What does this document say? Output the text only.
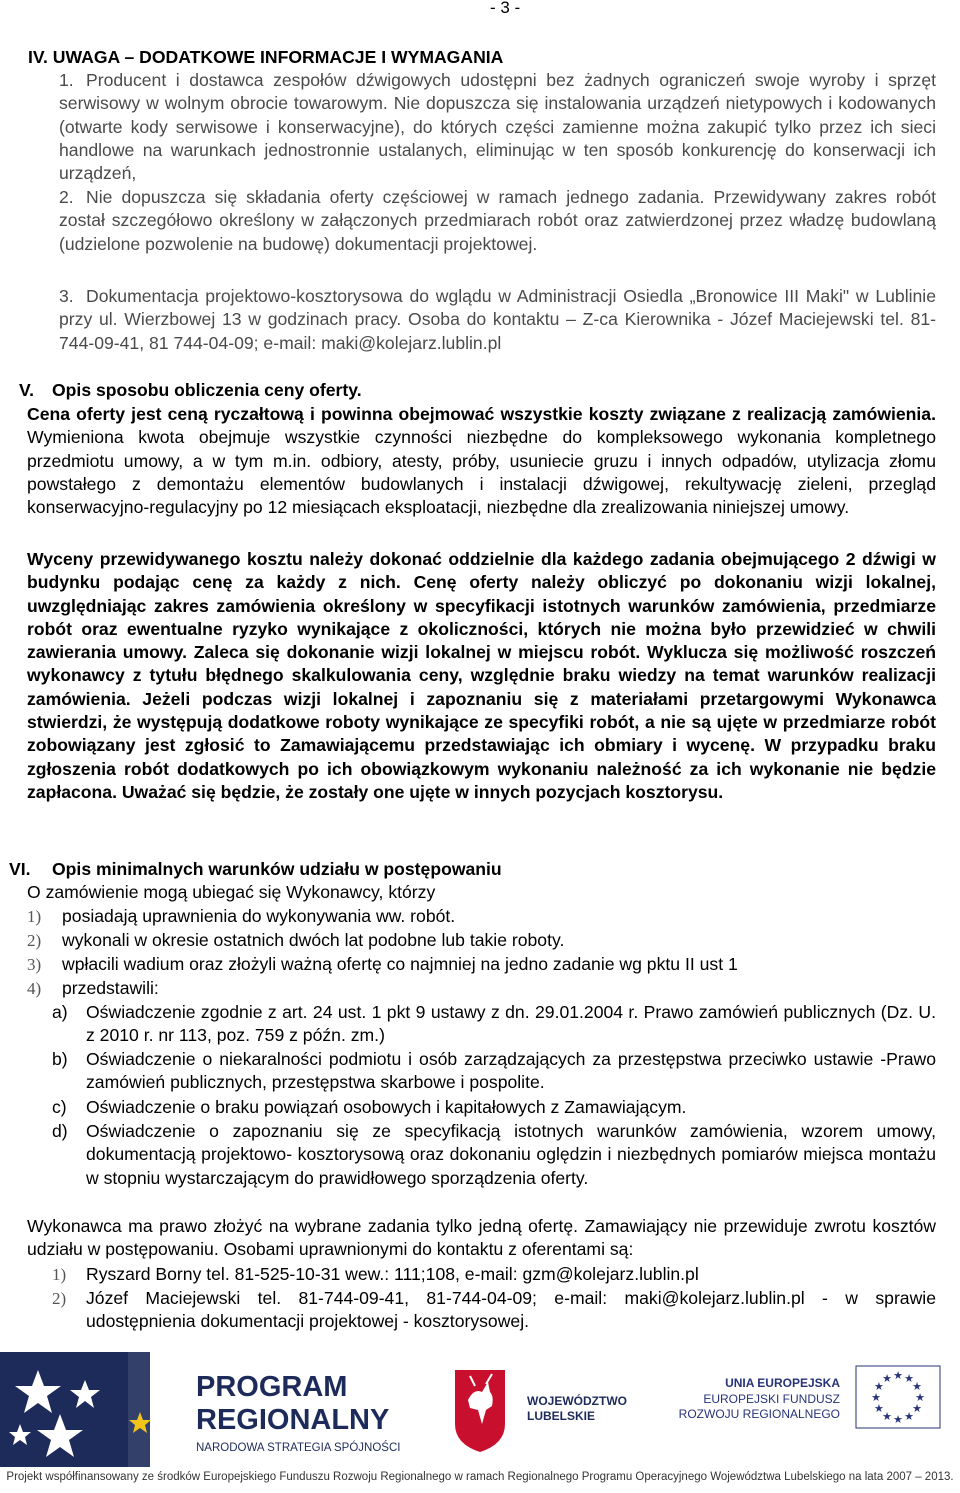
- 3 -
IV. UWAGA – DODATKOWE INFORMACJE I WYMAGANIA
1. Producent i dostawca zespołów dźwigowych udostępni bez żadnych ograniczeń swoje wyroby i sprzęt serwisowy w wolnym obrocie towarowym. Nie dopuszcza się instalowania urządzeń nietypowych i kodowanych (otwarte kody serwisowe i konserwacyjne), do których części zamienne można zakupić tylko przez ich sieci handlowe na warunkach jednostronnie ustalanych, eliminując w ten sposób konkurencję do konserwacji ich urządzeń,
2. Nie dopuszcza się składania oferty częściowej w ramach jednego zadania. Przewidywany zakres robót został szczegółowo określony w załączonych przedmiarach robót oraz zatwierdzonej przez władzę budowlaną (udzielone pozwolenie na budowę) dokumentacji projektowej.
3. Dokumentacja projektowo-kosztorysowa do wglądu w Administracji Osiedla „Bronowice III Maki" w Lublinie przy ul. Wierzbowej 13 w godzinach pracy. Osoba do kontaktu – Z-ca Kierownika - Józef Maciejewski tel. 81-744-09-41, 81 744-04-09; e-mail: maki@kolejarz.lublin.pl
V. Opis sposobu obliczenia ceny oferty.
Cena oferty jest ceną ryczałtową i powinna obejmować wszystkie koszty związane z realizacją zamówienia. Wymieniona kwota obejmuje wszystkie czynności niezbędne do kompleksowego wykonania kompletnego przedmiotu umowy, a w tym m.in. odbiory, atesty, próby, usuniecie gruzu i innych odpadów, utylizacja złomu powstałego z demontażu elementów budowlanych i instalacji dźwigowej, rekultywację zieleni, przegląd konserwacyjno-regulacyjny po 12 miesiącach eksploatacji, niezbędne dla zrealizowania niniejszej umowy.
Wyceny przewidywanego kosztu należy dokonać oddzielnie dla każdego zadania obejmującego 2 dźwigi w budynku podając cenę za każdy z nich. Cenę oferty należy obliczyć po dokonaniu wizji lokalnej, uwzględniając zakres zamówienia określony w specyfikacji istotnych warunków zamówienia, przedmiarze robót oraz ewentualne ryzyko wynikające z okoliczności, których nie można było przewidzieć w chwili zawierania umowy. Zaleca się dokonanie wizji lokalnej w miejscu robót. Wyklucza się możliwość roszczeń wykonawcy z tytułu błędnego skalkulowania ceny, względnie braku wiedzy na temat warunków realizacji zamówienia. Jeżeli podczas wizji lokalnej i zapoznaniu się z materiałami przetargowymi Wykonawca stwierdzi, że występują dodatkowe roboty wynikające ze specyfiki robót, a nie są ujęte w przedmiarze robót zobowiązany jest zgłosić to Zamawiającemu przedstawiając ich obmiary i wycenę. W przypadku braku zgłoszenia robót dodatkowych po ich obowiązkowym wykonaniu należność za ich wykonanie nie będzie zapłacona. Uważać się będzie, że zostały one ujęte w innych pozycjach kosztorysu.
VI. Opis minimalnych warunków udziału w postępowaniu
O zamówienie mogą ubiegać się Wykonawcy, którzy
1) posiadają uprawnienia do wykonywania ww. robót.
2) wykonali w okresie ostatnich dwóch lat podobne lub takie roboty.
3) wpłacili wadium oraz złożyli ważną ofertę co najmniej na jedno zadanie wg pktu II ust 1
4) przedstawili:
a) Oświadczenie zgodnie z art. 24 ust. 1 pkt 9 ustawy z dn. 29.01.2004 r. Prawo zamówień publicznych (Dz. U. z 2010 r. nr 113, poz. 759 z późn. zm.)
b) Oświadczenie o niekaralności podmiotu i osób zarządzających za przestępstwa przeciwko ustawie -Prawo zamówień publicznych, przestępstwa skarbowe i pospolite.
c) Oświadczenie o braku powiązań osobowych i kapitałowych z Zamawiającym.
d) Oświadczenie o zapoznaniu się ze specyfikacją istotnych warunków zamówienia, wzorem umowy, dokumentacją projektowo- kosztorysową oraz dokonaniu oględzin i niezbędnych pomiarów miejsca montażu w stopniu wystarczającym do prawidłowego sporządzenia oferty.
Wykonawca ma prawo złożyć na wybrane zadania tylko jedną ofertę. Zamawiający nie przewiduje zwrotu kosztów udziału w postępowaniu. Osobami uprawnionymi do kontaktu z oferentami są:
1) Ryszard Borny tel. 81-525-10-31 wew.: 111;108, e-mail: gzm@kolejarz.lublin.pl
2) Józef Maciejewski tel. 81-744-09-41, 81-744-04-09; e-mail: maki@kolejarz.lublin.pl - w sprawie udostępnienia dokumentacji projektowej - kosztorysowej.
PROGRAM
REGIONALNY
NARODOWA STRATEGIA SPÓJNOŚCI
WOJEWÓDZTWO
LUBELSKIE
UNIA EUROPEJSKA
EUROPEJSKI FUNDUSZ
ROZWOJU REGIONALNEGO
★ ★
★
★
★
★
★
★
★
★
★
★
Projekt współfinansowany ze środków Europejskiego Funduszu Rozwoju Regionalnego w ramach Regionalnego Programu Operacyjnego Województwa Lubelskiego na lata 2007 – 2013.
